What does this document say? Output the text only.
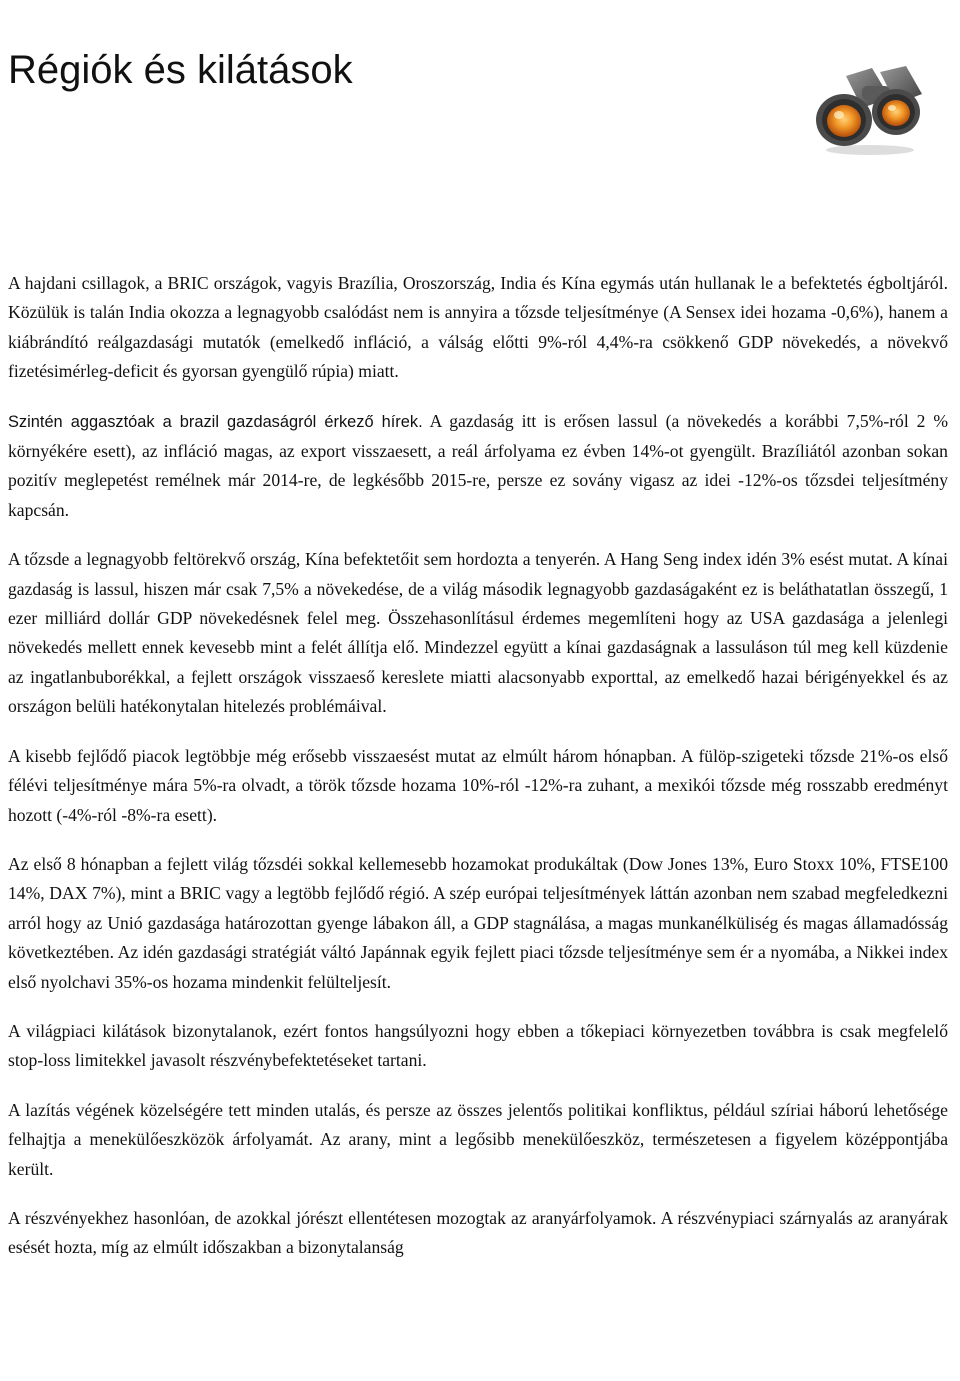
Régiók és kilátások

A hajdani csillagok, a BRIC országok, vagyis Brazília, Oroszország, India és Kína egymás után hullanak le a befektetés égboltjáról. Közülük is talán India okozza a legnagyobb csalódást nem is annyira a tőzsde teljesítménye (A Sensex idei hozama -0,6%), hanem a kiábrándító reálgazdasági mutatók (emelkedő infláció, a válság előtti 9%-ról 4,4%-ra csökkenő GDP növekedés, a növekvő fizetésimérleg-deficit és gyorsan gyengülő rúpia) miatt.

Szintén aggasztóak a brazil gazdaságról érkező hírek. A gazdaság itt is erősen lassul (a növekedés a korábbi 7,5%-ról 2 % környékére esett), az infláció magas, az export visszaesett, a reál árfolyama ez évben 14%-ot gyengült. Brazíliától azonban sokan pozitív meglepetést remélnek már 2014-re, de legkésőbb 2015-re, persze ez sovány vigasz az idei -12%-os tőzsdei teljesítmény kapcsán.

A tőzsde a legnagyobb feltörekvő ország, Kína befektetőit sem hordozta a tenyerén. A Hang Seng index idén 3% esést mutat. A kínai gazdaság is lassul, hiszen már csak 7,5% a növekedése, de a világ második legnagyobb gazdaságaként ez is beláthatatlan összegű, 1 ezer milliárd dollár GDP növekedésnek felel meg. Összehasonlításul érdemes megemlíteni hogy az USA gazdasága a jelenlegi növekedés mellett ennek kevesebb mint a felét állítja elő. Mindezzel együtt a kínai gazdaságnak a lassuláson túl meg kell küzdenie az ingatlanbuborékkal, a fejlett országok visszaeső kereslete miatti alacsonyabb exporttal, az emelkedő hazai bérigényekkel és az országon belüli hatékonytalan hitelezés problémáival.

A kisebb fejlődő piacok legtöbbje még erősebb visszaesést mutat az elmúlt három hónapban. A fülöp-szigeteki tőzsde 21%-os első félévi teljesítménye mára 5%-ra olvadt, a török tőzsde hozama 10%-ról -12%-ra zuhant, a mexikói tőzsde még rosszabb eredményt hozott (-4%-ról -8%-ra esett).

Az első 8 hónapban a fejlett világ tőzsdéi sokkal kellemesebb hozamokat produkáltak (Dow Jones 13%, Euro Stoxx 10%, FTSE100 14%, DAX 7%), mint a BRIC vagy a legtöbb fejlődő régió. A szép európai teljesítmények láttán azonban nem szabad megfeledkezni arról hogy az Unió gazdasága határozottan gyenge lábakon áll, a GDP stagnálása, a magas munkanélküliség és magas államadósság következtében. Az idén gazdasági stratégiát váltó Japánnak egyik fejlett piaci tőzsde teljesítménye sem ér a nyomába, a Nikkei index első nyolchavi 35%-os hozama mindenkit felülteljesít.

A világpiaci kilátások bizonytalanok, ezért fontos hangsúlyozni hogy ebben a tőkepiaci környezetben továbbra is csak megfelelő stop-loss limitekkel javasolt részvénybefektetéseket tartani.

A lazítás végének közelségére tett minden utalás, és persze az összes jelentős politikai konfliktus, például szíriai háború lehetősége felhajtja a menekülőeszközök árfolyamát. Az arany, mint a legősibb menekülőeszköz, természetesen a figyelem középpontjába került.

A részvényekhez hasonlóan, de azokkal jórészt ellentétesen mozogtak az aranyárfolyamok. A részvénypiaci szárnyalás az aranyárak esését hozta, míg az elmúlt időszakban a bizonytalanság
